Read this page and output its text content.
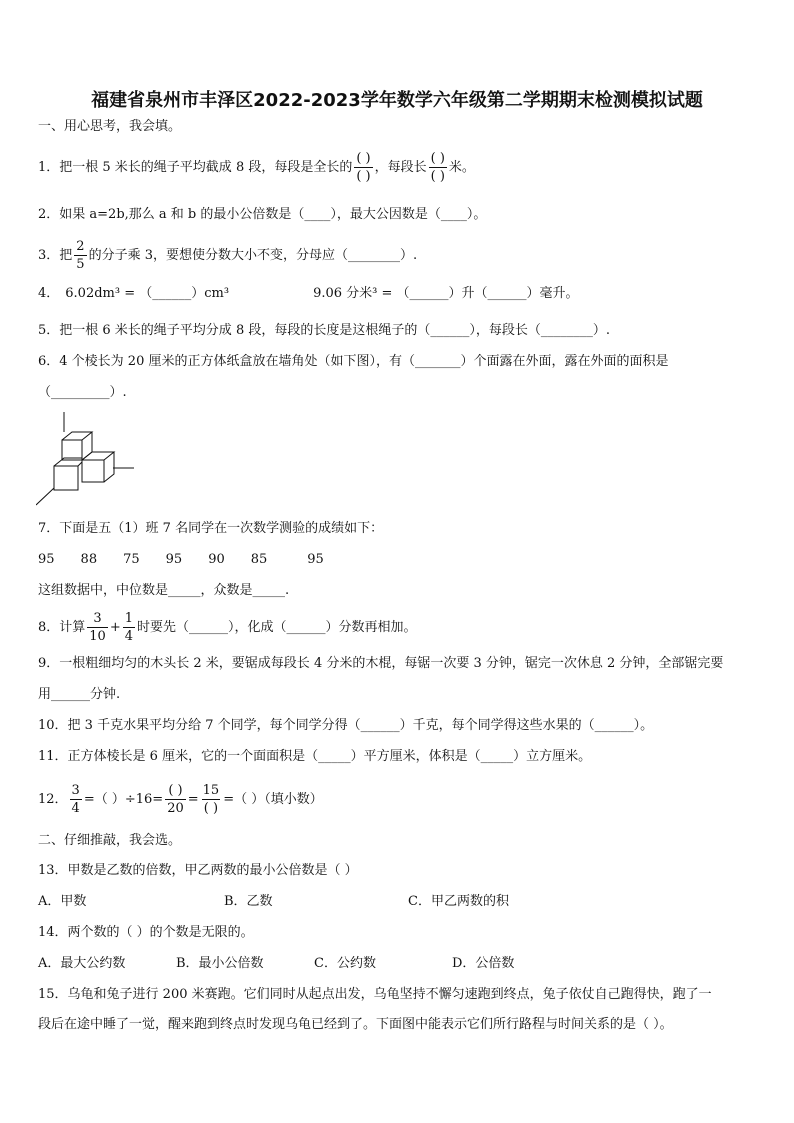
福建省泉州市丰泽区2022-2023学年数学六年级第二学期期末检测模拟试题
一、用心思考，我会填。
1．把一根 5 米长的绳子平均截成 8 段，每段是全长的 $\frac{( )}{( )}$ ，每段长 $\frac{( )}{( )}$ 米。
2．如果 a=2b,那么 a 和 b 的最小公倍数是（____），最大公因数是（____）。
3．把 $\frac{2}{5}$ 的分子乘 3，要想使分数大小不变，分母应（________）.
4． 6.02dm³ = （______）cm³	9.06 分米³ = （______）升（______）毫升。
5．把一根 6 米长的绳子平均分成 8 段，每段的长度是这根绳子的（______），每段长（________）.
6．4 个棱长为 20 厘米的正方体纸盒放在墙角处（如下图），有（_______）个面露在外面，露在外面的面积是
（_________）.
7．下面是五（1）班 7 名同学在一次数学测验的成绩如下：
95 88 75 95 90 85	95
这组数据中，中位数是_____，众数是_____.
8．计算 $\frac{3}{10} + \frac{1}{4}$ 时要先（______），化成（______）分数再相加。
9．一根粗细均匀的木头长 2 米，要锯成每段长 4 分米的木棍，每锯一次要 3 分钟，锯完一次休息 2 分钟，全部锯完要
用______分钟.
10．把 3 千克水果平均分给 7 个同学，每个同学分得（______）千克，每个同学得这些水果的（______）。
11．正方体棱长是 6 厘米，它的一个面面积是（_____）平方厘米，体积是（_____）立方厘米。
12． $\frac{3}{4}$ =（ ）$\div 16= \frac{( )}{20} = \frac{15}{( )}$ =（ ）（填小数）
二、仔细推敲，我会选。
13．甲数是乙数的倍数，甲乙两数的最小公倍数是（ ）
A．甲数	B．乙数	C．甲乙两数的积
14．两个数的（ ）的个数是无限的。
A．最大公约数	B．最小公倍数	C．公约数	D．公倍数
15．乌龟和兔子进行 200 米赛跑。它们同时从起点出发，乌龟坚持不懈匀速跑到终点，兔子依仗自己跑得快，跑了一
段后在途中睡了一觉，醒来跑到终点时发现乌龟已经到了。下面图中能表示它们所行路程与时间关系的是（ ）。
